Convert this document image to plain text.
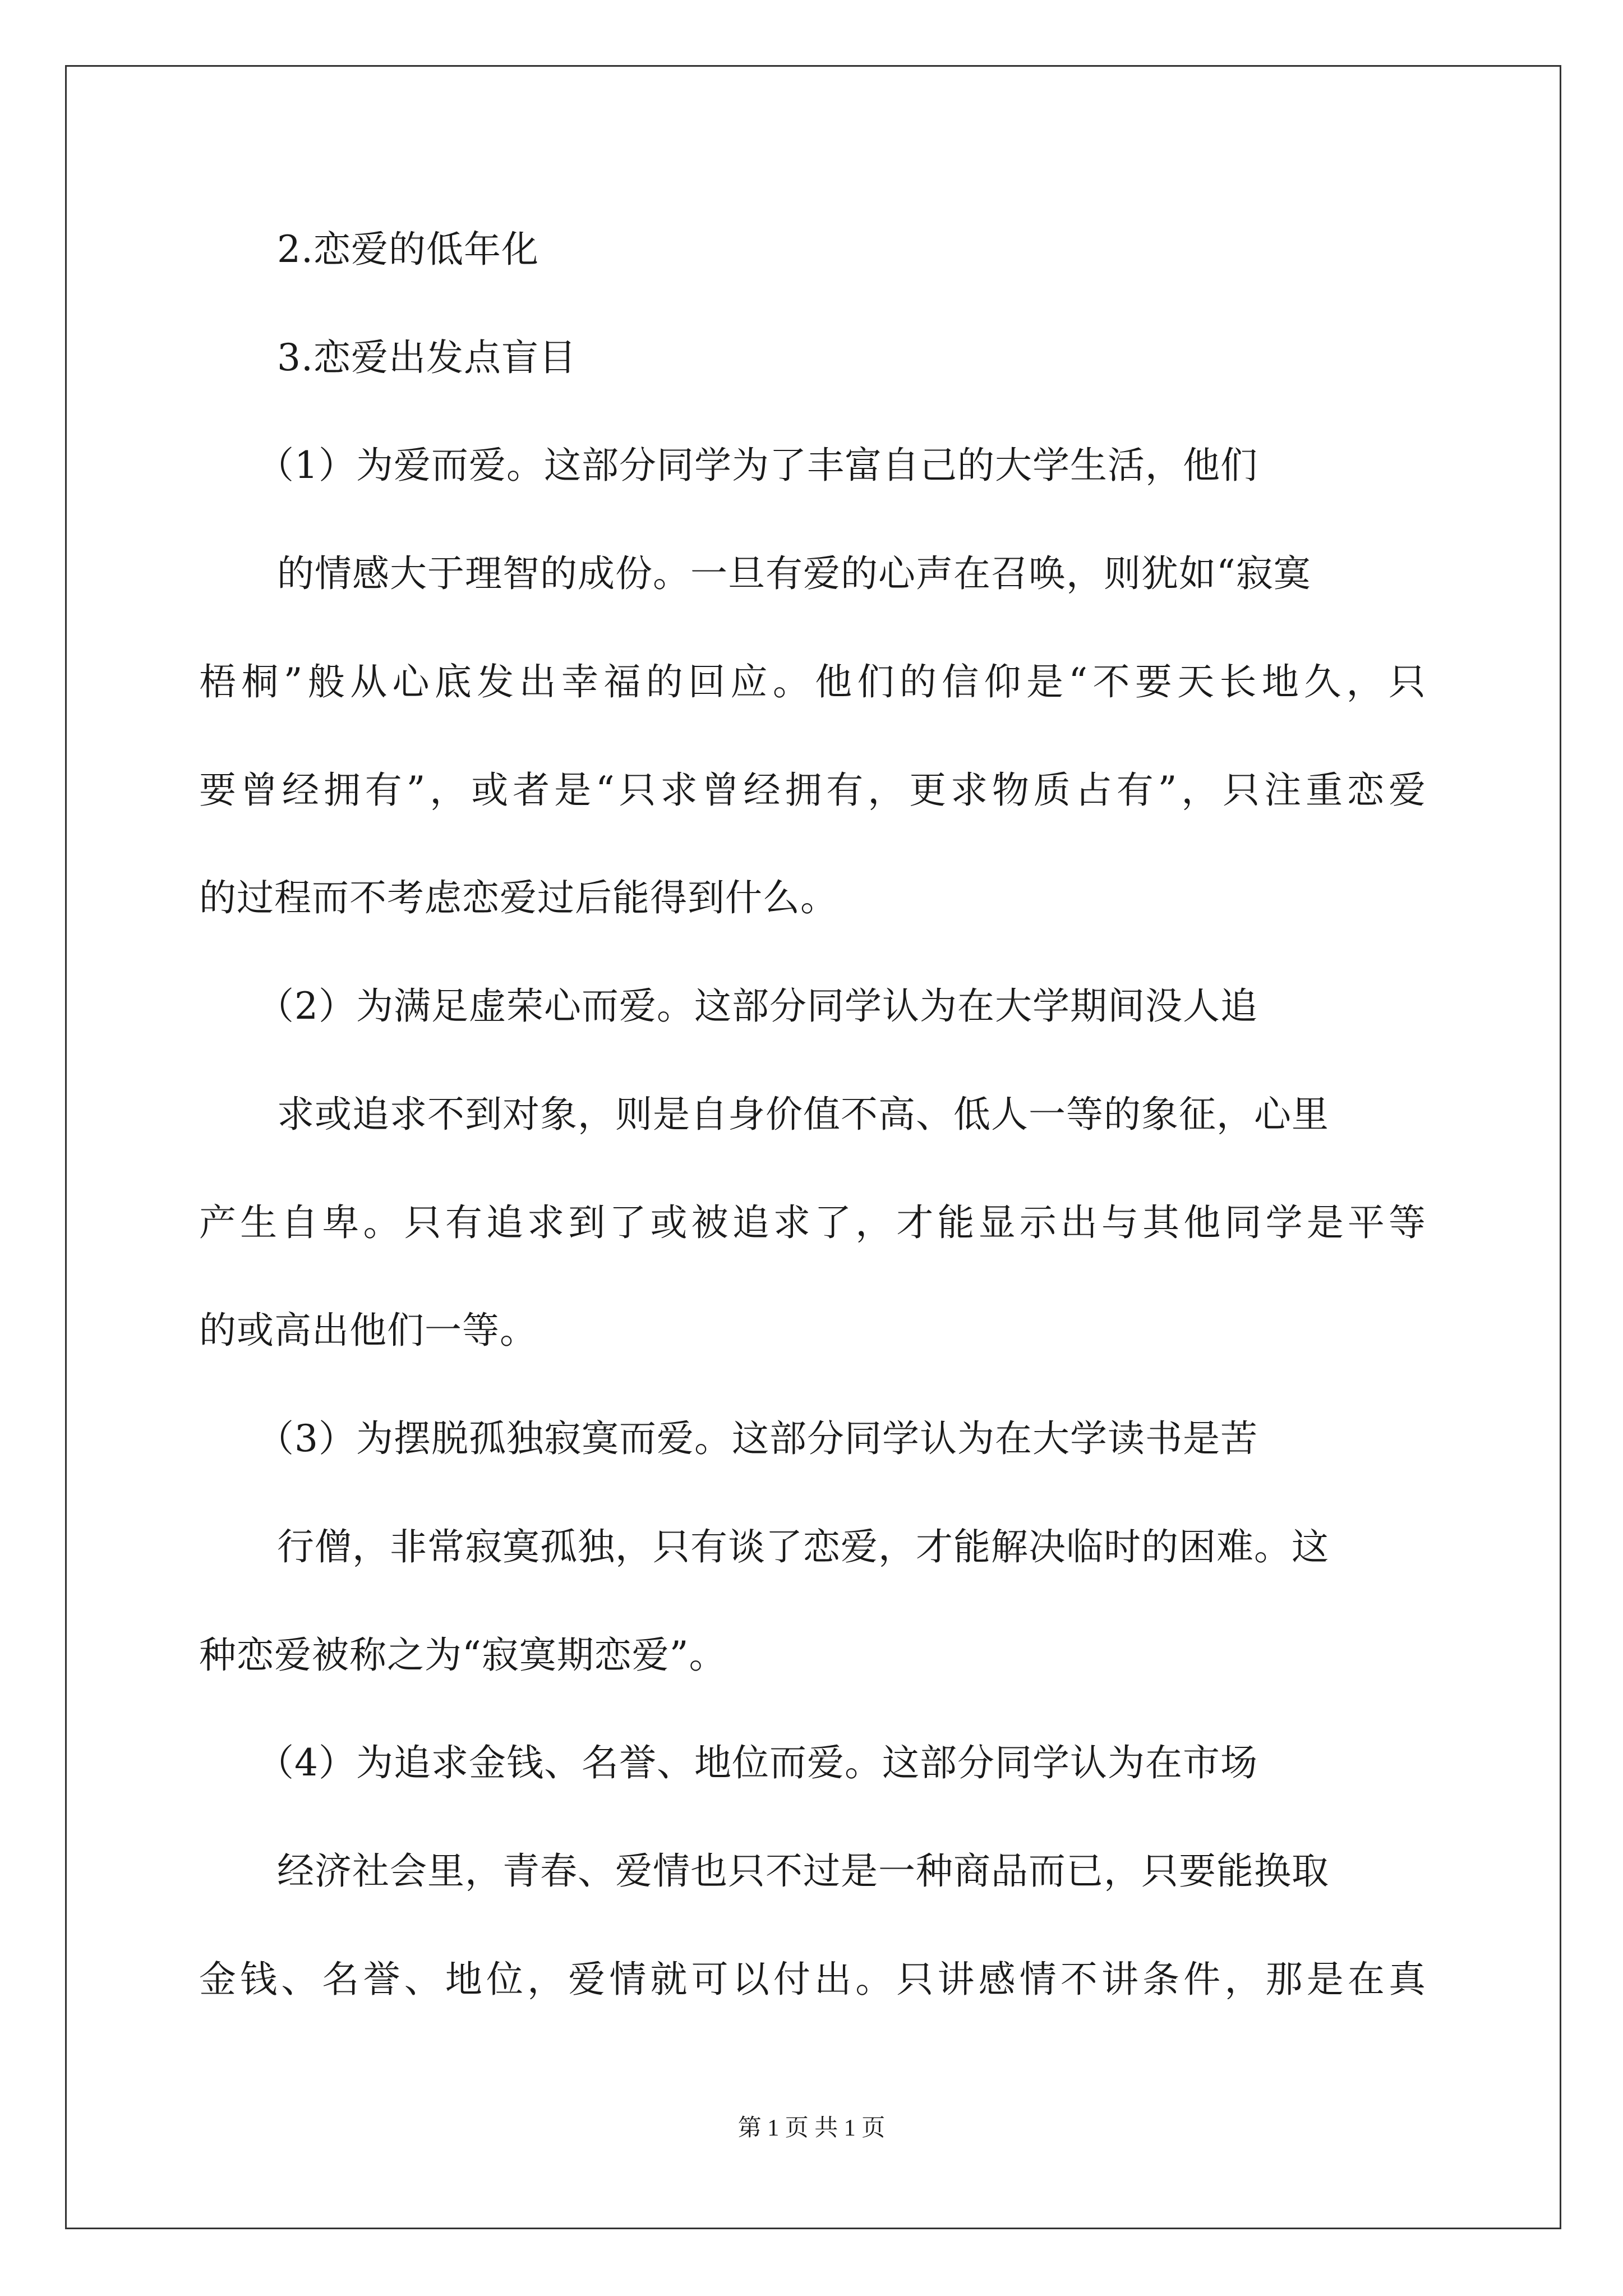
2.恋爱的低年化
3.恋爱出发点盲目
（1）为爱而爱。这部分同学为了丰富自己的大学生活，他们
的情感大于理智的成份。一旦有爱的心声在召唤，则犹如“寂寞
梧桐”般从心底发出幸福的回应。他们的信仰是“不要天长地久，只
要曾经拥有”，或者是“只求曾经拥有，更求物质占有”，只注重恋爱
的过程而不考虑恋爱过后能得到什么。
（2）为满足虚荣心而爱。这部分同学认为在大学期间没人追
求或追求不到对象，则是自身价值不高、低人一等的象征，心里
产生自卑。只有追求到了或被追求了，才能显示出与其他同学是平等
的或高出他们一等。
（3）为摆脱孤独寂寞而爱。这部分同学认为在大学读书是苦
行僧，非常寂寞孤独，只有谈了恋爱，才能解决临时的困难。这
种恋爱被称之为“寂寞期恋爱”。
（4）为追求金钱、名誉、地位而爱。这部分同学认为在市场
经济社会里，青春、爱情也只不过是一种商品而已，只要能换取
金钱、名誉、地位，爱情就可以付出。只讲感情不讲条件，那是在真
第 1 页 共 1 页
